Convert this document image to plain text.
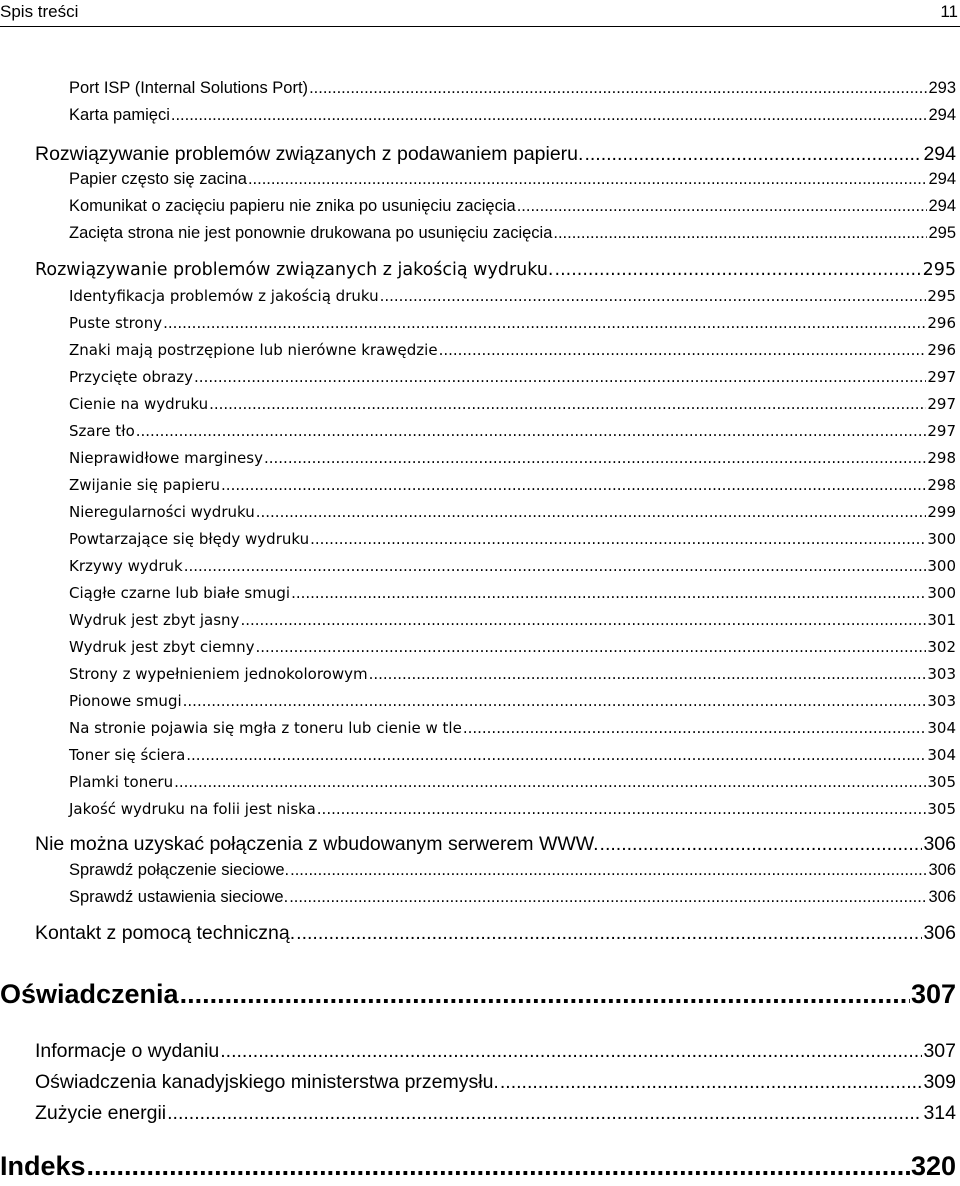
Spis treści	11
Port ISP (Internal Solutions Port) .....	293
Karta pamięci .....	294
Rozwiązywanie problemów związanych z podawaniem papieru. .....	294
Papier często się zacina .....	294
Komunikat o zacięciu papieru nie znika po usunięciu zacięcia .....	294
Zacięta strona nie jest ponownie drukowana po usunięciu zacięcia .....	295
Rozwiązywanie problemów związanych z jakością wydruku. .....	295
Identyfikacja problemów z jakością druku .....	295
Puste strony .....	296
Znaki mają postrzępione lub nierówne krawędzie .....	296
Przycięte obrazy .....	297
Cienie na wydruku .....	297
Szare tło .....	297
Nieprawidłowe marginesy .....	298
Zwijanie się papieru .....	298
Nieregularności wydruku .....	299
Powtarzające się błędy wydruku .....	300
Krzywy wydruk .....	300
Ciągłe czarne lub białe smugi .....	300
Wydruk jest zbyt jasny .....	301
Wydruk jest zbyt ciemny .....	302
Strony z wypełnieniem jednokolorowym .....	303
Pionowe smugi .....	303
Na stronie pojawia się mgła z toneru lub cienie w tle .....	304
Toner się ściera .....	304
Plamki toneru .....	305
Jakość wydruku na folii jest niska .....	305
Nie można uzyskać połączenia z wbudowanym serwerem WWW. .....	306
Sprawdź połączenie sieciowe. .....	306
Sprawdź ustawienia sieciowe. .....	306
Kontakt z pomocą techniczną. .....	306
Oświadczenia .....	307
Informacje o wydaniu .....	307
Oświadczenia kanadyjskiego ministerstwa przemysłu. .....	309
Zużycie energii .....	314
Indeks .....	320
